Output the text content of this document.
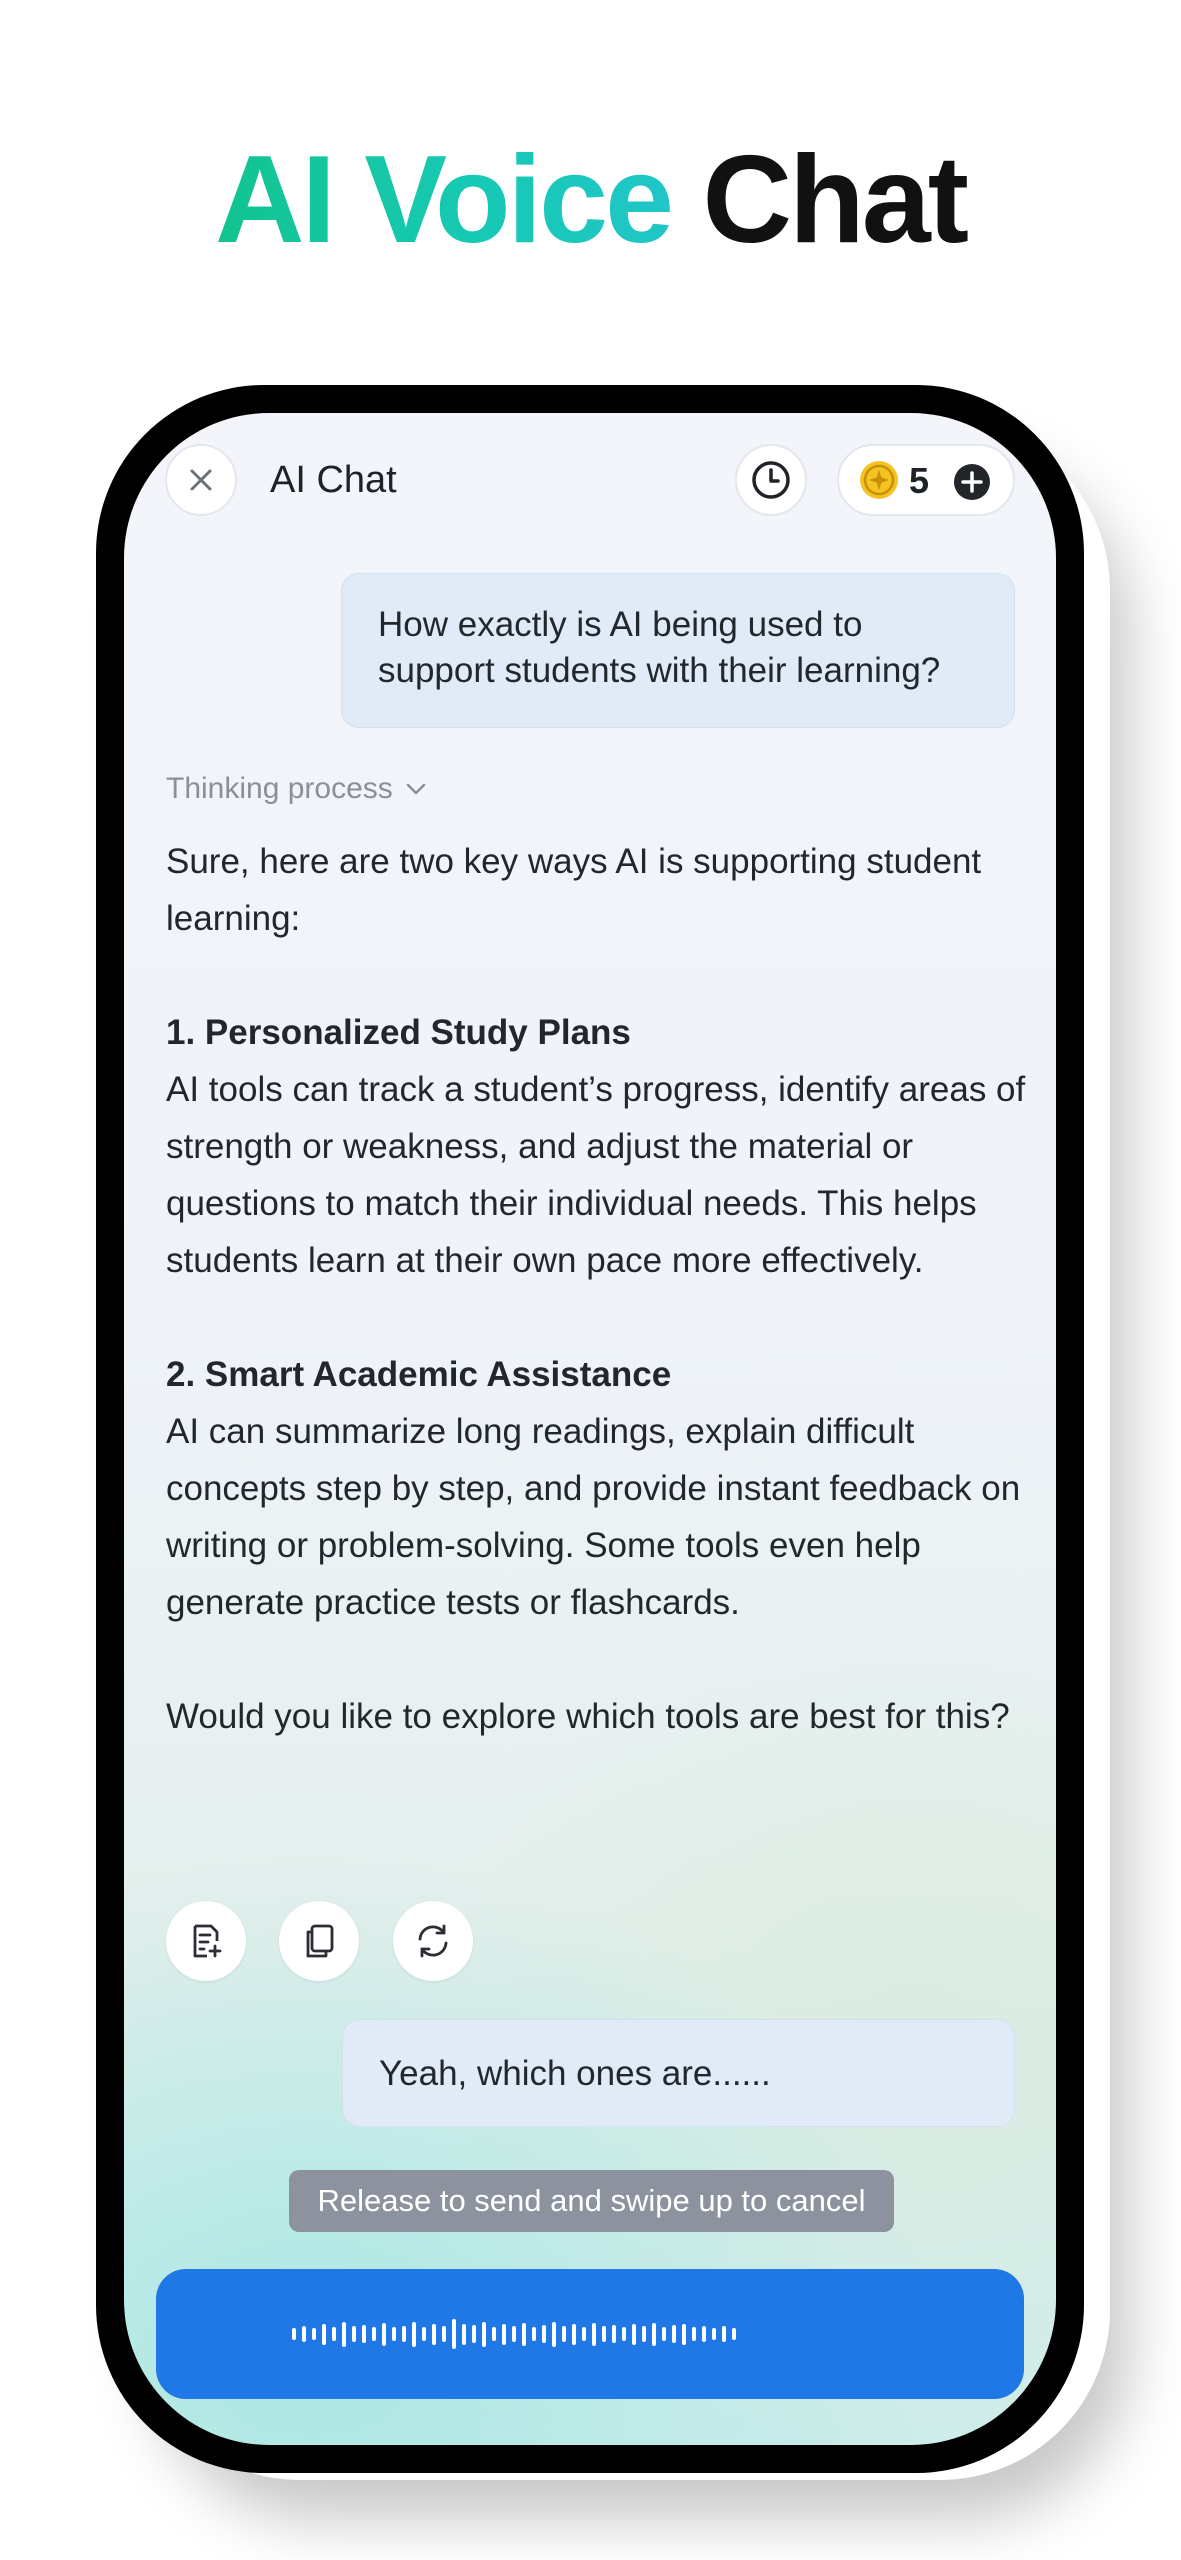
AI Voice Chat
AI Chat	5
How exactly is AI being used to support students with their learning?
Thinking process

Sure, here are two key ways AI is supporting student learning:

1. Personalized Study Plans

AI tools can track a student’s progress, identify areas of strength or weakness, and adjust the material or questions to match their individual needs. This helps students learn at their own pace more effectively.

2. Smart Academic Assistance

AI can summarize long readings, explain difficult concepts step by step, and provide instant feedback on writing or problem-solving. Some tools even help generate practice tests or flashcards.

Would you like to explore which tools are best for this?

Yeah, which ones are......
Release to send and swipe up to cancel
